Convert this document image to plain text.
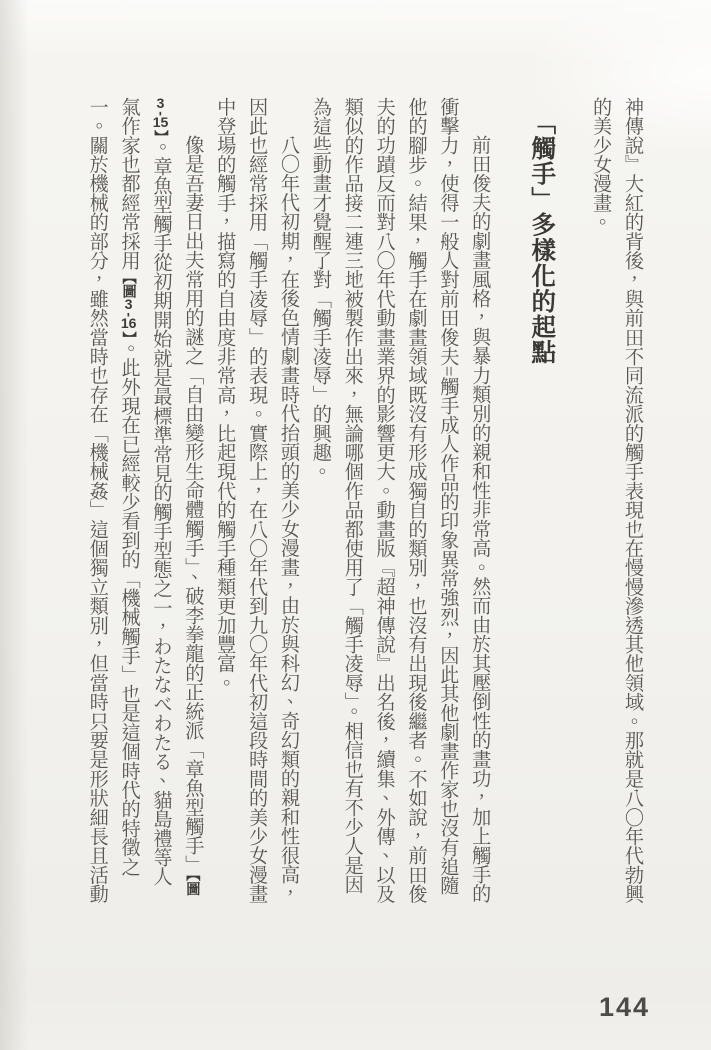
神傳說』大紅的背後，與前田不同流派的觸手表現也在慢慢滲透其他領域。那就是八〇年代勃興的美少女漫畫。

「觸手」多樣化的起點

前田俊夫的劇畫風格，與暴力類別的親和性非常高。然而由於其壓倒性的畫功，加上觸手的衝擊力，使得一般人對前田俊夫=觸手成人作品的印象異常強烈，因此其他劇畫作家也沒有追隨他的腳步。結果，觸手在劇畫領域既沒有形成獨自的類別，也沒有出現後繼者。不如說，前田俊夫的功蹟反而對八〇年代動畫業界的影響更大。動畫版『超神傳說』出名後，續集、外傳、以及類似的作品接二連三地被製作出來，無論哪個作品都使用了「觸手凌辱」。相信也有不少人是因為這些動畫才覺醒了對「觸手凌辱」的興趣。

八〇年代初期，在後色情劇畫時代抬頭的美少女漫畫，由於與科幻、奇幻類的親和性很高，因此也經常採用「觸手凌辱」的表現。實際上，在八〇年代到九〇年代初這段時間的美少女漫畫中登場的觸手，描寫的自由度非常高，比起現代的觸手種類更加豐富。

像是吾妻日出夫常用的謎之「自由變形生命體觸手」、破李拳龍的正統派「章魚型觸手」【圖3-15】。章魚型觸手從初期開始就是最標準常見的觸手型態之一，わたなべわたる、貓島禮等人氣作家也都經常採用【圖3-16】。此外現在已經較少看到的「機械觸手」也是這個時代的特徵之一。關於機械的部分，雖然當時也存在「機械姦」這個獨立類別，但當時只要是形狀細長且活動

144
